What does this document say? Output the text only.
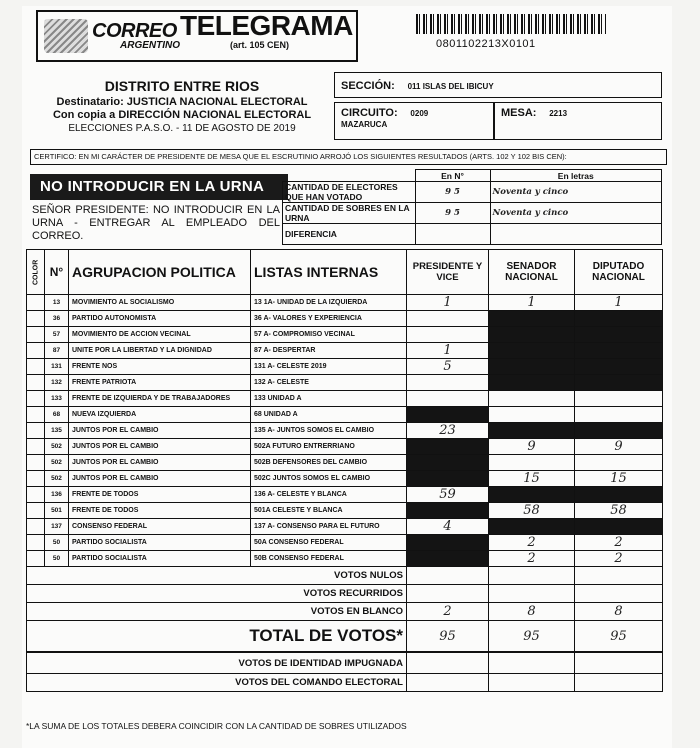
CORREO
ARGENTINO
TELEGRAMA
(art. 105 CEN)	0801102213X0101
DISTRITO ENTRE RIOS
Destinatario: JUSTICIA NACIONAL ELECTORAL
Con copia a DIRECCIÓN NACIONAL ELECTORAL
ELECCIONES P.A.S.O. - 11 DE AGOSTO DE 2019
SECCIÓN: 011 ISLAS DEL IBICUY
CIRCUITO: 0209
MAZARUCA
MESA: 2213
CERTIFICO: EN MI CARÁCTER DE PRESIDENTE DE MESA QUE EL ESCRUTINIO ARROJÓ LOS SIGUIENTES RESULTADOS (ARTS. 102 Y 102 BIS CEN):
NO INTRODUCIR EN LA URNA
SEÑOR PRESIDENTE: NO INTRODUCIR EN LA URNA - ENTREGAR AL EMPLEADO DEL CORREO.
	En N°	En letras
CANTIDAD DE ELECTORES QUE HAN VOTADO	9 5	Noventa y cinco
CANTIDAD DE SOBRES EN LA URNA	9 5	Noventa y cinco
DIFERENCIA		
COLOR	N°	AGRUPACION POLITICA	LISTAS INTERNAS	PRESIDENTE Y VICE	SENADOR NACIONAL	DIPUTADO NACIONAL
	13	MOVIMIENTO AL SOCIALISMO	13 1A- UNIDAD DE LA IZQUIERDA	1	1	1
	36	PARTIDO AUTONOMISTA	36 A- VALORES Y EXPERIENCIA			
	57	MOVIMIENTO DE ACCION VECINAL	57 A- COMPROMISO VECINAL			
	87	UNITE POR LA LIBERTAD Y LA DIGNIDAD	87 A- DESPERTAR	1		
	131	FRENTE NOS	131 A- CELESTE 2019	5		
	132	FRENTE PATRIOTA	132 A- CELESTE			
	133	FRENTE DE IZQUIERDA Y DE TRABAJADORES	133 UNIDAD A			
	68	NUEVA IZQUIERDA	68 UNIDAD A			
	135	JUNTOS POR EL CAMBIO	135 A- JUNTOS SOMOS EL CAMBIO	23		
	502	JUNTOS POR EL CAMBIO	502A FUTURO ENTRERRIANO		9	9
	502	JUNTOS POR EL CAMBIO	502B DEFENSORES DEL CAMBIO			
	502	JUNTOS POR EL CAMBIO	502C JUNTOS SOMOS EL CAMBIO		15	15
	136	FRENTE DE TODOS	136 A- CELESTE Y BLANCA	59		
	501	FRENTE DE TODOS	501A CELESTE Y BLANCA		58	58
	137	CONSENSO FEDERAL	137 A- CONSENSO PARA EL FUTURO	4		
	50	PARTIDO SOCIALISTA	50A CONSENSO FEDERAL		2	2
	50	PARTIDO SOCIALISTA	50B CONSENSO FEDERAL		2	2
VOTOS NULOS						
VOTOS RECURRIDOS						
VOTOS EN BLANCO				2	8	8
TOTAL DE VOTOS*				95	95	95
VOTOS DE IDENTIDAD IMPUGNADA						
VOTOS DEL COMANDO ELECTORAL						
*LA SUMA DE LOS TOTALES DEBERA COINCIDIR CON LA CANTIDAD DE SOBRES UTILIZADOS
